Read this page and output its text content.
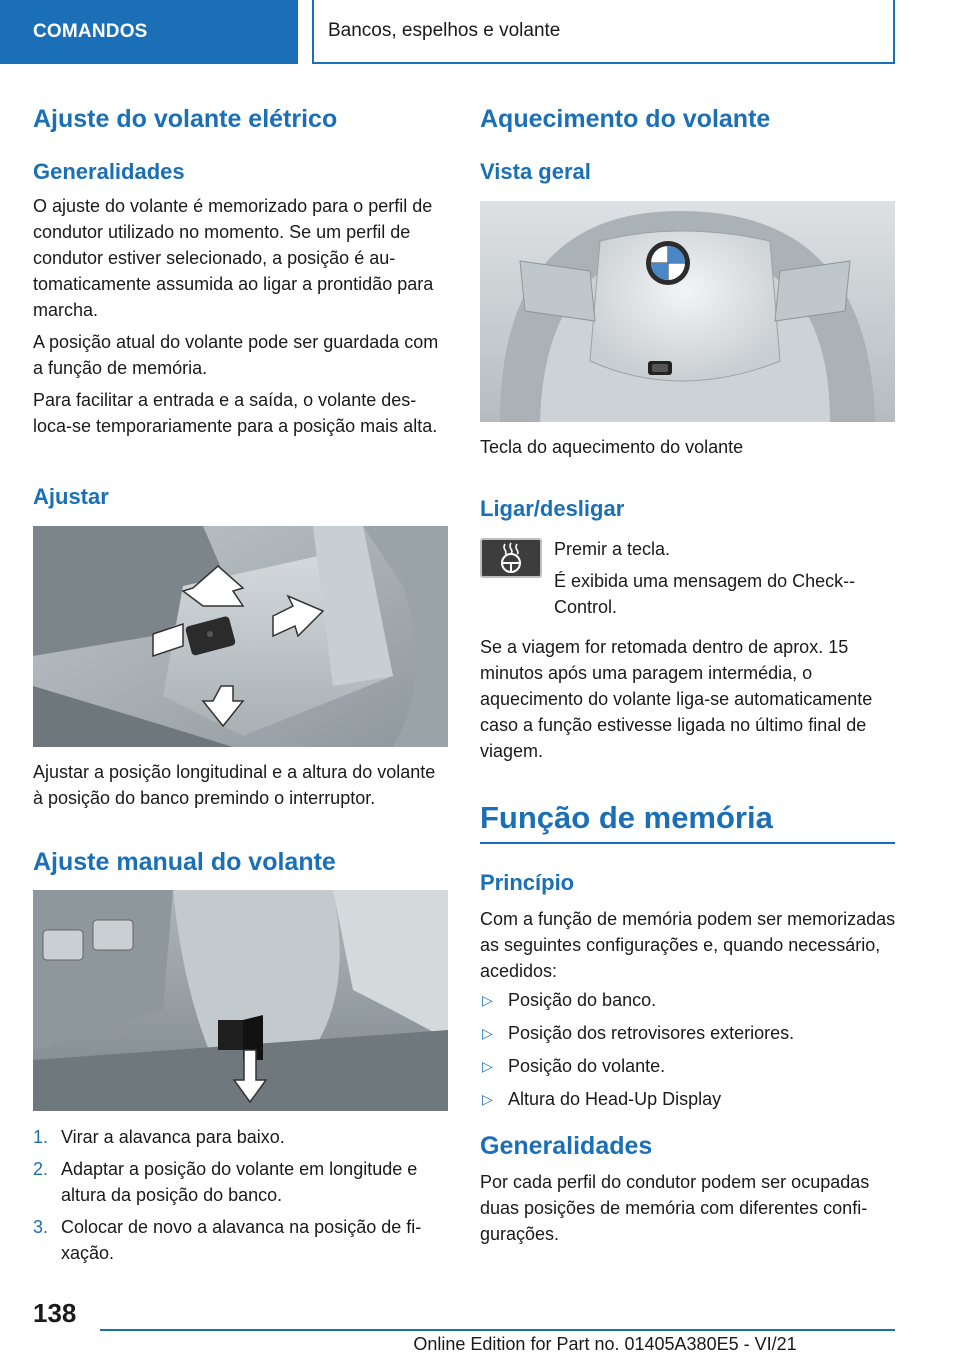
COMANDOS	Bancos, espelhos e volante
Ajuste do volante elétrico
Generalidades

O ajuste do volante é memorizado para o perfil de condutor utilizado no momento. Se um perfil de condutor estiver selecionado, a posição é automaticamente assumida ao ligar a prontidão para marcha.

A posição atual do volante pode ser guardada com a função de memória.

Para facilitar a entrada e a saída, o volante desloca-se temporariamente para a posição mais alta.

Ajustar

Ajustar a posição longitudinal e a altura do volante à posição do banco premindo o interruptor.

Ajuste manual do volante
1. Virar a alavanca para baixo.
2. Adaptar a posição do volante em longitude e altura da posição do banco.
3. Colocar de novo a alavanca na posição de fixação.
Aquecimento do volante
Vista geral

Tecla do aquecimento do volante

Ligar/desligar

Premir a tecla.

É exibida uma mensagem do Check-Control.

Se a viagem for retomada dentro de aprox. 15 minutos após uma paragem intermédia, o aquecimento do volante liga-se automaticamente caso a função estivesse ligada no último final de viagem.

Função de memória
Princípio

Com a função de memória podem ser memorizadas as seguintes configurações e, quando necessário, acedidos:

▷ Posição do banco.
▷ Posição dos retrovisores exteriores.
▷ Posição do volante.
▷ Altura do Head-Up Display
Generalidades

Por cada perfil do condutor podem ser ocupadas duas posições de memória com diferentes configurações.

138
Online Edition for Part no. 01405A380E5 - VI/21
